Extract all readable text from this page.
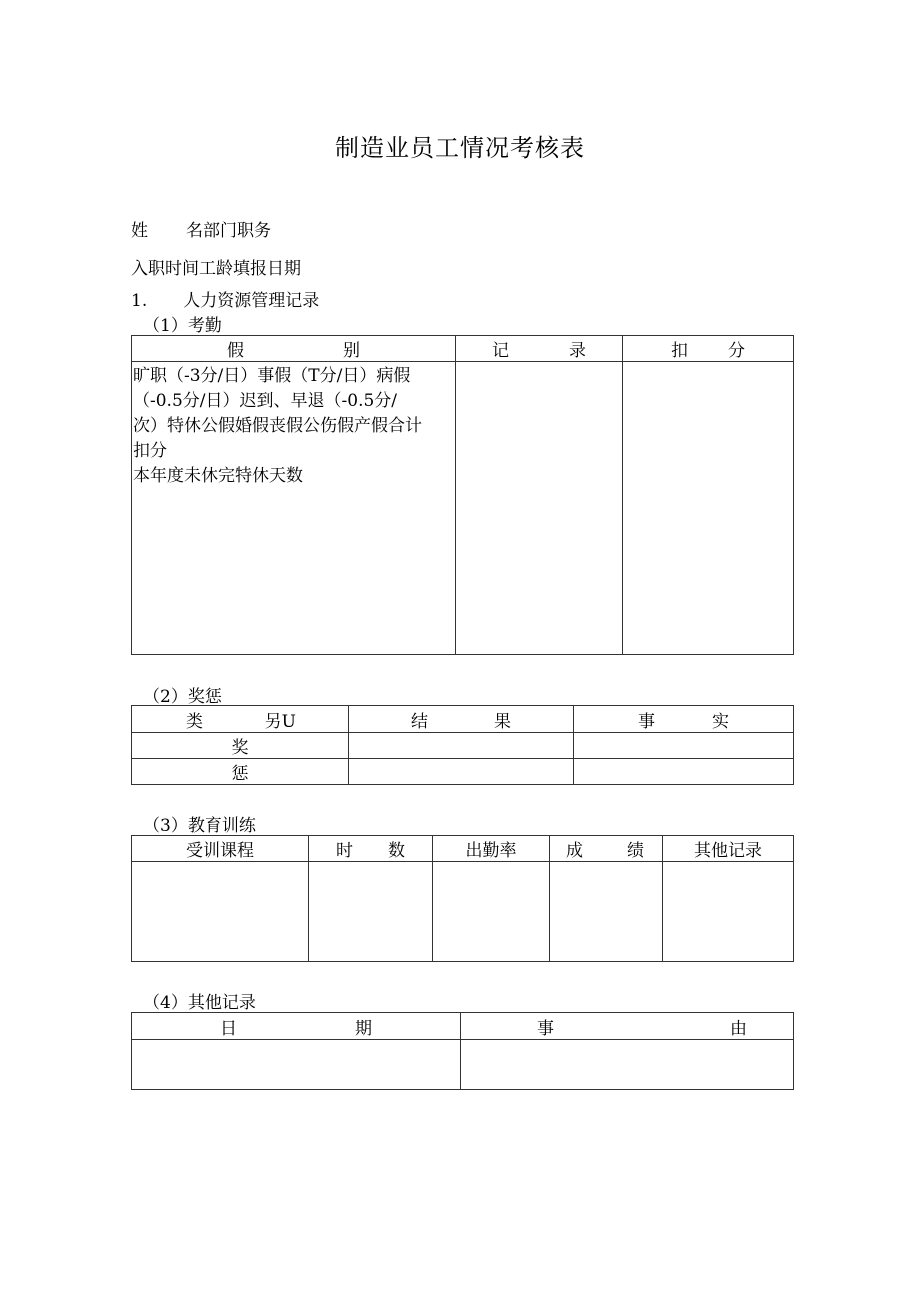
制造业员工情况考核表
姓 名部门职务
入职时间工龄填报日期
1. 人力资源管理记录
（1）考勤
假 别	记 录	扣 分

旷职（-3分/日）事假（T分/日）病假
（-0.5分/日）迟到、早退（-0.5分/
次）特休公假婚假丧假公伤假产假合计
扣分
本年度未休完特休天数		

（2）奖惩
类 另U	结 果	事 实

奖		
惩		
（3）教育训练
受训课程	时 数	出勤率	成 绩	其他记录

（4）其他记录
日 期	事 由
